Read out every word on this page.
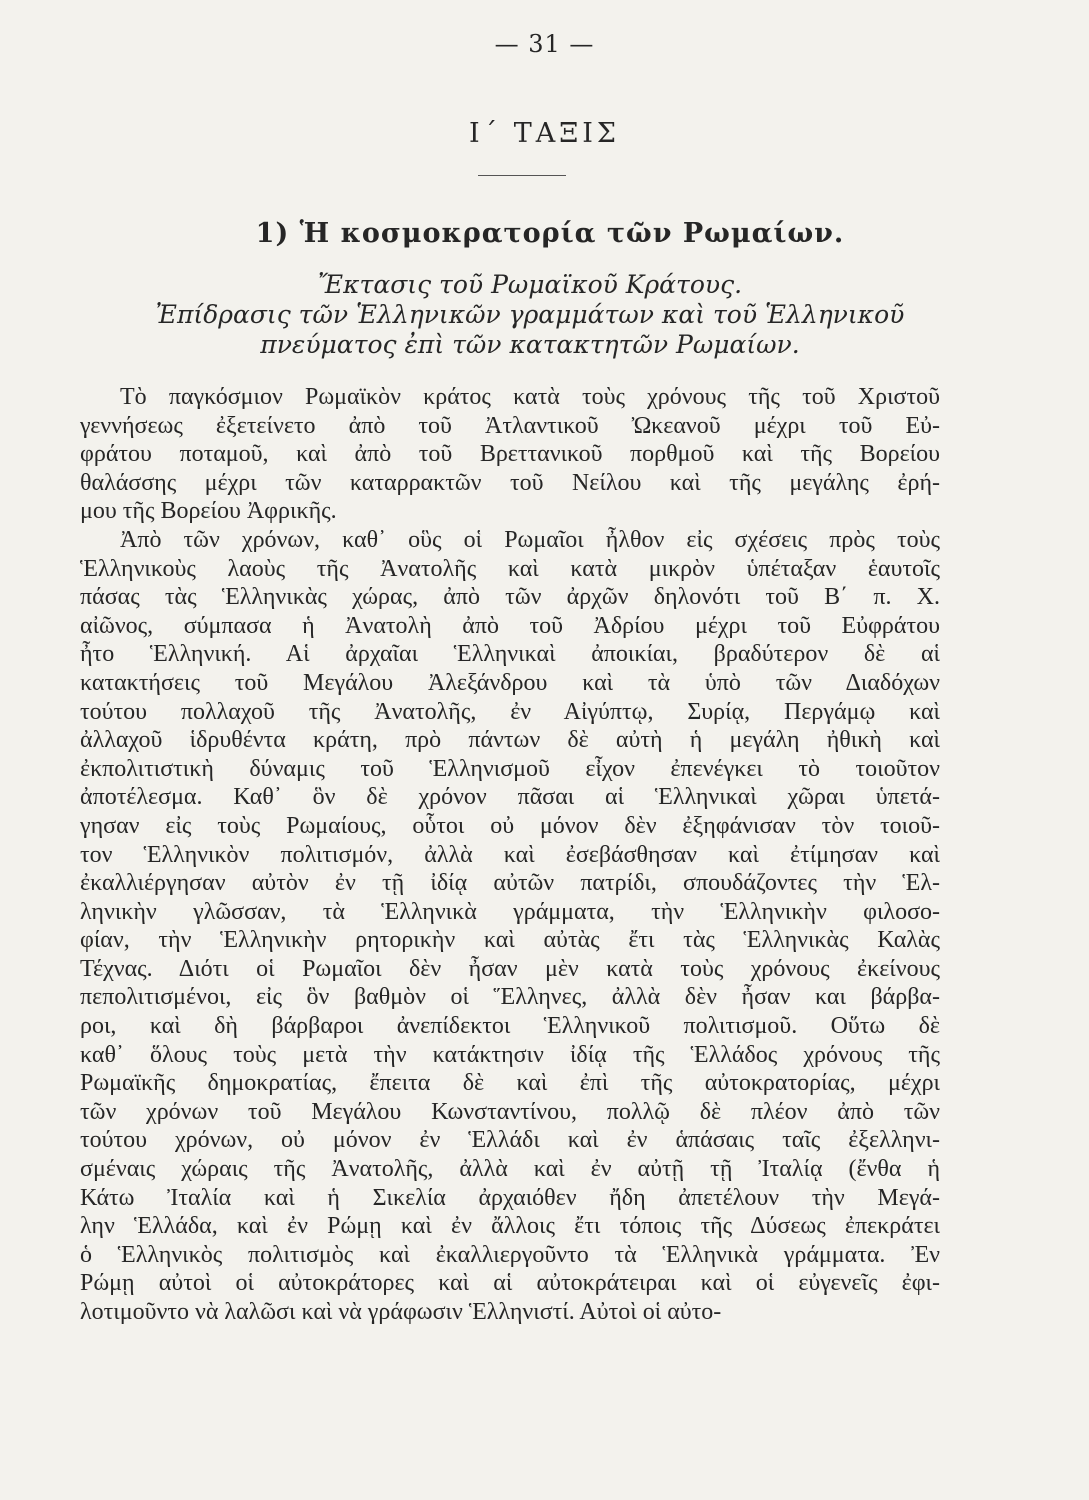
— 31 —
Ι΄ ΤΑΞΙΣ
1) Ἡ κοσμοκρατορία τῶν Ρωμαίων.
Ἔκτασις τοῦ Ρωμαϊκοῦ Κράτους.
Ἐπίδρασις τῶν Ἑλληνικῶν γραμμάτων καὶ τοῦ Ἑλληνικοῦ
πνεύματος ἐπὶ τῶν κατακτητῶν Ρωμαίων.
Τὸ παγκόσμιον Ρωμαϊκὸν κράτος κατὰ τοὺς χρόνους τῆς τοῦ Χριστοῦ
γεννήσεως ἐξετείνετο ἀπὸ τοῦ Ἀτλαντικοῦ Ὠκεανοῦ μέχρι τοῦ Εὐ-
φράτου ποταμοῦ, καὶ ἀπὸ τοῦ Βρεττανικοῦ πορθμοῦ καὶ τῆς Βορείου
θαλάσσης μέχρι τῶν καταρρακτῶν τοῦ Νείλου καὶ τῆς μεγάλης ἐρή-
μου τῆς Βορείου Ἀφρικῆς.
Ἀπὸ τῶν χρόνων, καθ᾿ οὓς οἱ Ρωμαῖοι ἦλθον εἰς σχέσεις πρὸς τοὺς
Ἑλληνικοὺς λαοὺς τῆς Ἀνατολῆς καὶ κατὰ μικρὸν ὑπέταξαν ἑαυτοῖς
πάσας τὰς Ἑλληνικὰς χώρας, ἀπὸ τῶν ἀρχῶν δηλονότι τοῦ Β΄ π. Χ.
αἰῶνος, σύμπασα ἡ Ἀνατολὴ ἀπὸ τοῦ Ἀδρίου μέχρι τοῦ Εὐφράτου
ἦτο Ἑλληνική. Αἱ ἀρχαῖαι Ἑλληνικαὶ ἀποικίαι, βραδύτερον δὲ αἱ
κατακτήσεις τοῦ Μεγάλου Ἀλεξάνδρου καὶ τὰ ὑπὸ τῶν Διαδόχων
τούτου πολλαχοῦ τῆς Ἀνατολῆς, ἐν Αἰγύπτῳ, Συρίᾳ, Περγάμῳ καὶ
ἀλλαχοῦ ἱδρυθέντα κράτη, πρὸ πάντων δὲ αὐτὴ ἡ μεγάλη ἠθικὴ καὶ
ἐκπολιτιστικὴ δύναμις τοῦ Ἑλληνισμοῦ εἶχον ἐπενέγκει τὸ τοιοῦτον
ἀποτέλεσμα. Καθ᾿ ὃν δὲ χρόνον πᾶσαι αἱ Ἑλληνικαὶ χῶραι ὑπετά-
γησαν εἰς τοὺς Ρωμαίους, οὗτοι οὐ μόνον δὲν ἐξηφάνισαν τὸν τοιοῦ-
τον Ἑλληνικὸν πολιτισμόν, ἀλλὰ καὶ ἐσεβάσθησαν καὶ ἐτίμησαν καὶ
ἐκαλλιέργησαν αὐτὸν ἐν τῇ ἰδίᾳ αὐτῶν πατρίδι, σπουδάζοντες τὴν Ἑλ-
ληνικὴν γλῶσσαν, τὰ Ἑλληνικὰ γράμματα, τὴν Ἑλληνικὴν φιλοσο-
φίαν, τὴν Ἑλληνικὴν ρητορικὴν καὶ αὐτὰς ἔτι τὰς Ἑλληνικὰς Καλὰς
Τέχνας. Διότι οἱ Ρωμαῖοι δὲν ἦσαν μὲν κατὰ τοὺς χρόνους ἐκείνους
πεπολιτισμένοι, εἰς ὃν βαθμὸν οἱ Ἕλληνες, ἀλλὰ δὲν ἦσαν και βάρβα-
ροι, καὶ δὴ βάρβαροι ἀνεπίδεκτοι Ἑλληνικοῦ πολιτισμοῦ. Οὕτω δὲ
καθ᾿ ὅλους τοὺς μετὰ τὴν κατάκτησιν ἰδίᾳ τῆς Ἑλλάδος χρόνους τῆς
Ρωμαϊκῆς δημοκρατίας, ἔπειτα δὲ καὶ ἐπὶ τῆς αὐτοκρατορίας, μέχρι
τῶν χρόνων τοῦ Μεγάλου Κωνσταντίνου, πολλῷ δὲ πλέον ἀπὸ τῶν
τούτου χρόνων, οὐ μόνον ἐν Ἑλλάδι καὶ ἐν ἁπάσαις ταῖς ἐξελληνι-
σμέναις χώραις τῆς Ἀνατολῆς, ἀλλὰ καὶ ἐν αὐτῇ τῇ Ἰταλίᾳ (ἔνθα ἡ
Κάτω Ἰταλία καὶ ἡ Σικελία ἀρχαιόθεν ἤδη ἀπετέλουν τὴν Μεγά-
λην Ἑλλάδα, καὶ ἐν Ρώμῃ καὶ ἐν ἄλλοις ἔτι τόποις τῆς Δύσεως ἐπεκράτει
ὁ Ἑλληνικὸς πολιτισμὸς καὶ ἐκαλλιεργοῦντο τὰ Ἑλληνικὰ γράμματα. Ἐν
Ρώμῃ αὐτοὶ οἱ αὐτοκράτορες καὶ αἱ αὐτοκράτειραι καὶ οἱ εὐγενεῖς ἐφι-
λοτιμοῦντο νὰ λαλῶσι καὶ νὰ γράφωσιν Ἑλληνιστί. Αὐτοὶ οἱ αὐτο-
